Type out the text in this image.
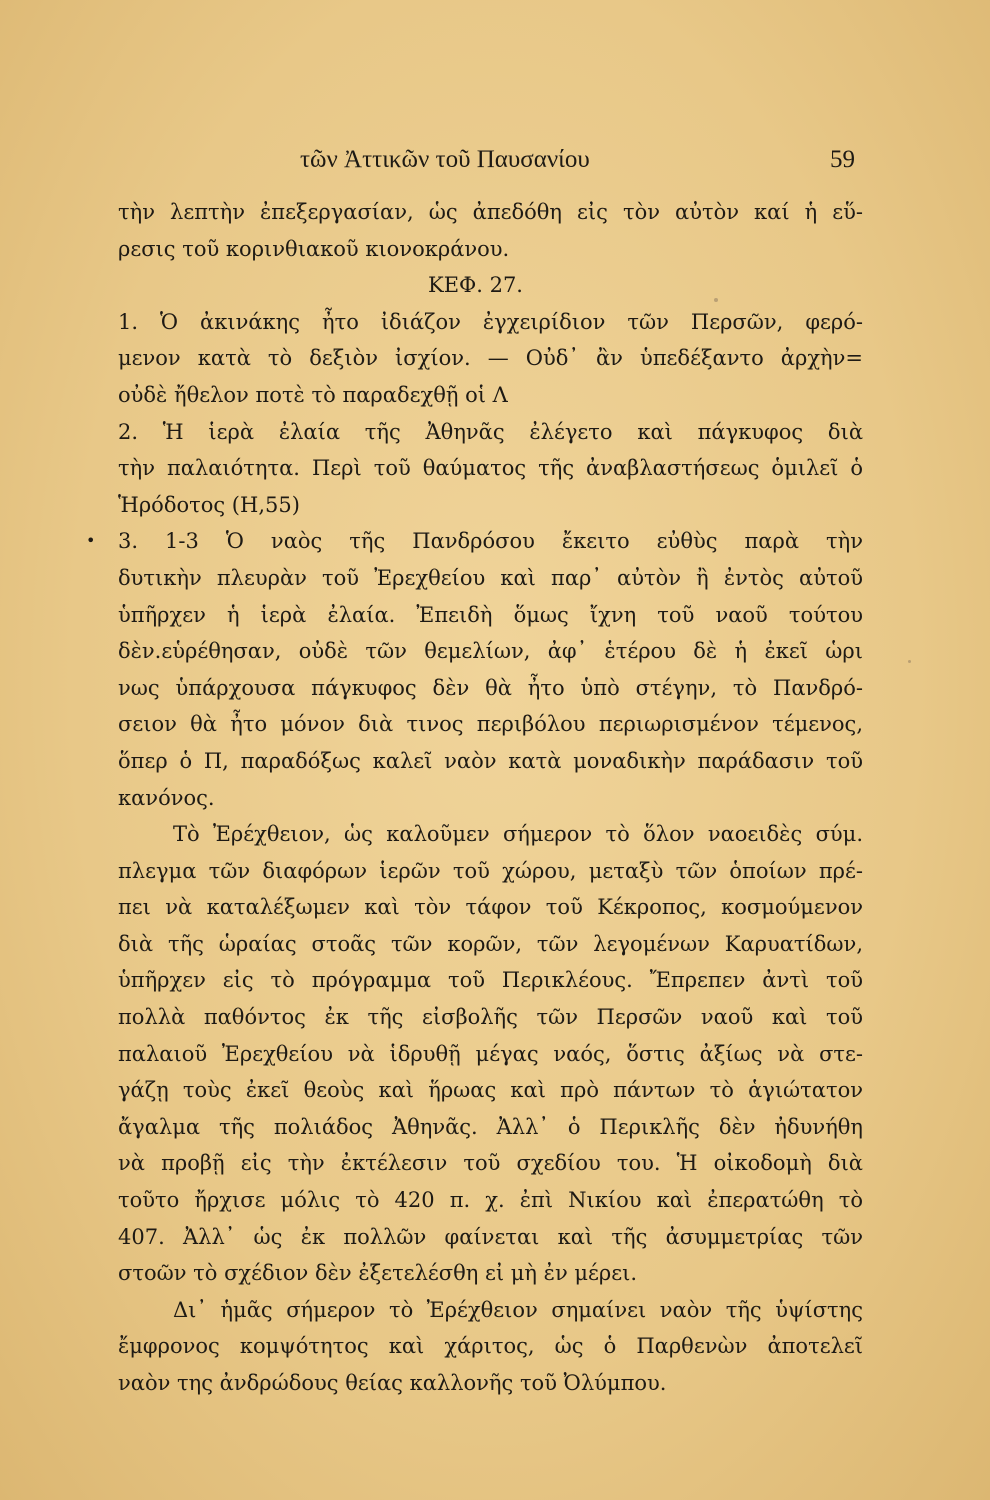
τῶν Ἀττικῶν τοῦ Παυσανίου	59
•
τὴν λεπτὴν ἐπεξεργασίαν, ὡς ἀπεδόθη εἰς τὸν αὐτὸν καί ἡ εὕ-
ρεσις τοῦ κορινθιακοῦ κιονοκράνου.
ΚΕΦ. 27.
1. Ὁ ἀκινάκης ἦτο ἰδιάζον ἐγχειρίδιον τῶν Περσῶν, φερό-
μενον κατὰ τὸ δεξιὸν ἰσχίον. — Οὐδ᾽ ἂν ὑπεδέξαντο ἀρχὴν=
οὐδὲ ἤθελον ποτὲ τὸ παραδεχθῇ οἱ Λ
2. Ἡ ἱερὰ ἐλαία τῆς Ἀθηνᾶς ἐλέγετο καὶ πάγκυφος διὰ
τὴν παλαιότητα. Περὶ τοῦ θαύματος τῆς ἀναβλαστήσεως ὁμιλεῖ ὁ
Ἡρόδοτος (Η,55)
3. 1-3 Ὁ ναὸς τῆς Πανδρόσου ἔκειτο εὐθὺς παρὰ τὴν
δυτικὴν πλευρὰν τοῦ Ἐρεχθείου καὶ παρ᾽ αὐτὸν ἢ ἐντὸς αὐτοῦ
ὑπῆρχεν ἡ ἱερὰ ἐλαία. Ἐπειδὴ ὅμως ἴχνη τοῦ ναοῦ τούτου
δὲν.εὑρέθησαν, οὐδὲ τῶν θεμελίων, ἀφ᾽ ἑτέρου δὲ ἡ ἐκεῖ ὡρι
νως ὑπάρχουσα πάγκυφος δὲν θὰ ἦτο ὑπὸ στέγην, τὸ Πανδρό-
σειον θὰ ἦτο μόνον διὰ τινος περιβόλου περιωρισμένον τέμενος,
ὅπερ ὁ Π, παραδόξως καλεῖ ναὸν κατὰ μοναδικὴν παράδασιν τοῦ
κανόνος.
Τὸ Ἐρέχθειον, ὡς καλοῦμεν σήμερον τὸ ὅλον ναοειδὲς σύμ.
πλεγμα τῶν διαφόρων ἱερῶν τοῦ χώρου, μεταξὺ τῶν ὁποίων πρέ-
πει νὰ καταλέξωμεν καὶ τὸν τάφον τοῦ Κέκροπος, κοσμούμενον
διὰ τῆς ὡραίας στοᾶς τῶν κορῶν, τῶν λεγομένων Καρυατίδων,
ὑπῆρχεν εἰς τὸ πρόγραμμα τοῦ Περικλέους. Ἔπρεπεν ἀντὶ τοῦ
πολλὰ παθόντος ἐκ τῆς εἰσβολῆς τῶν Περσῶν ναοῦ καὶ τοῦ
παλαιοῦ Ἐρεχθείου νὰ ἱδρυθῇ μέγας ναός, ὅστις ἀξίως νὰ στε-
γάζῃ τοὺς ἐκεῖ θεοὺς καὶ ἥρωας καὶ πρὸ πάντων τὸ ἁγιώτατον
ἄγαλμα τῆς πολιάδος Ἀθηνᾶς. Ἀλλ᾽ ὁ Περικλῆς δὲν ἠδυνήθη
νὰ προβῇ εἰς τὴν ἐκτέλεσιν τοῦ σχεδίου του. Ἡ οἰκοδομὴ διὰ
τοῦτο ἤρχισε μόλις τὸ 420 π. χ. ἐπὶ Νικίου καὶ ἐπερατώθη τὸ
407. Ἀλλ᾽ ὡς ἐκ πολλῶν φαίνεται καὶ τῆς ἀσυμμετρίας τῶν
στοῶν τὸ σχέδιον δὲν ἐξετελέσθη εἰ μὴ ἐν μέρει.
Δι᾽ ἡμᾶς σήμερον τὸ Ἐρέχθειον σημαίνει ναὸν τῆς ὑψίστης
ἔμφρονος κομψότητος καὶ χάριτος, ὡς ὁ Παρθενὼν ἀποτελεῖ
ναὸν της ἀνδρώδους θείας καλλονῆς τοῦ Ὀλύμπου.
